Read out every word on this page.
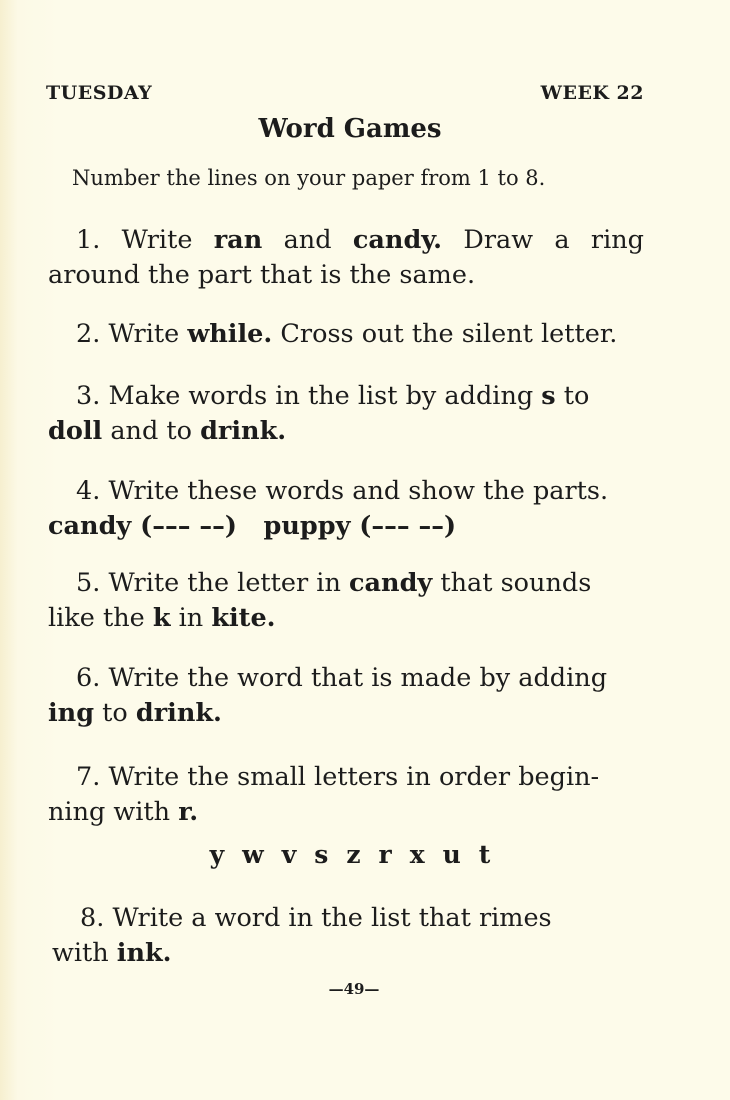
TUESDAY	WEEK 22
Word Games
Number the lines on your paper from 1 to 8.

1. Write ran and candy. Draw a ring around the part that is the same.

2. Write while. Cross out the silent letter.

3. Make words in the list by adding s to
doll and to drink.

4. Write these words and show the parts.

candy (––– ––) puppy (––– ––)

5. Write the letter in candy that sounds
like the k in kite.

6. Write the word that is made by adding
ing to drink.

7. Write the small letters in order begin-
ning with r.

y w v s z r x u t

8. Write a word in the list that rimes
with ink.

—49—
